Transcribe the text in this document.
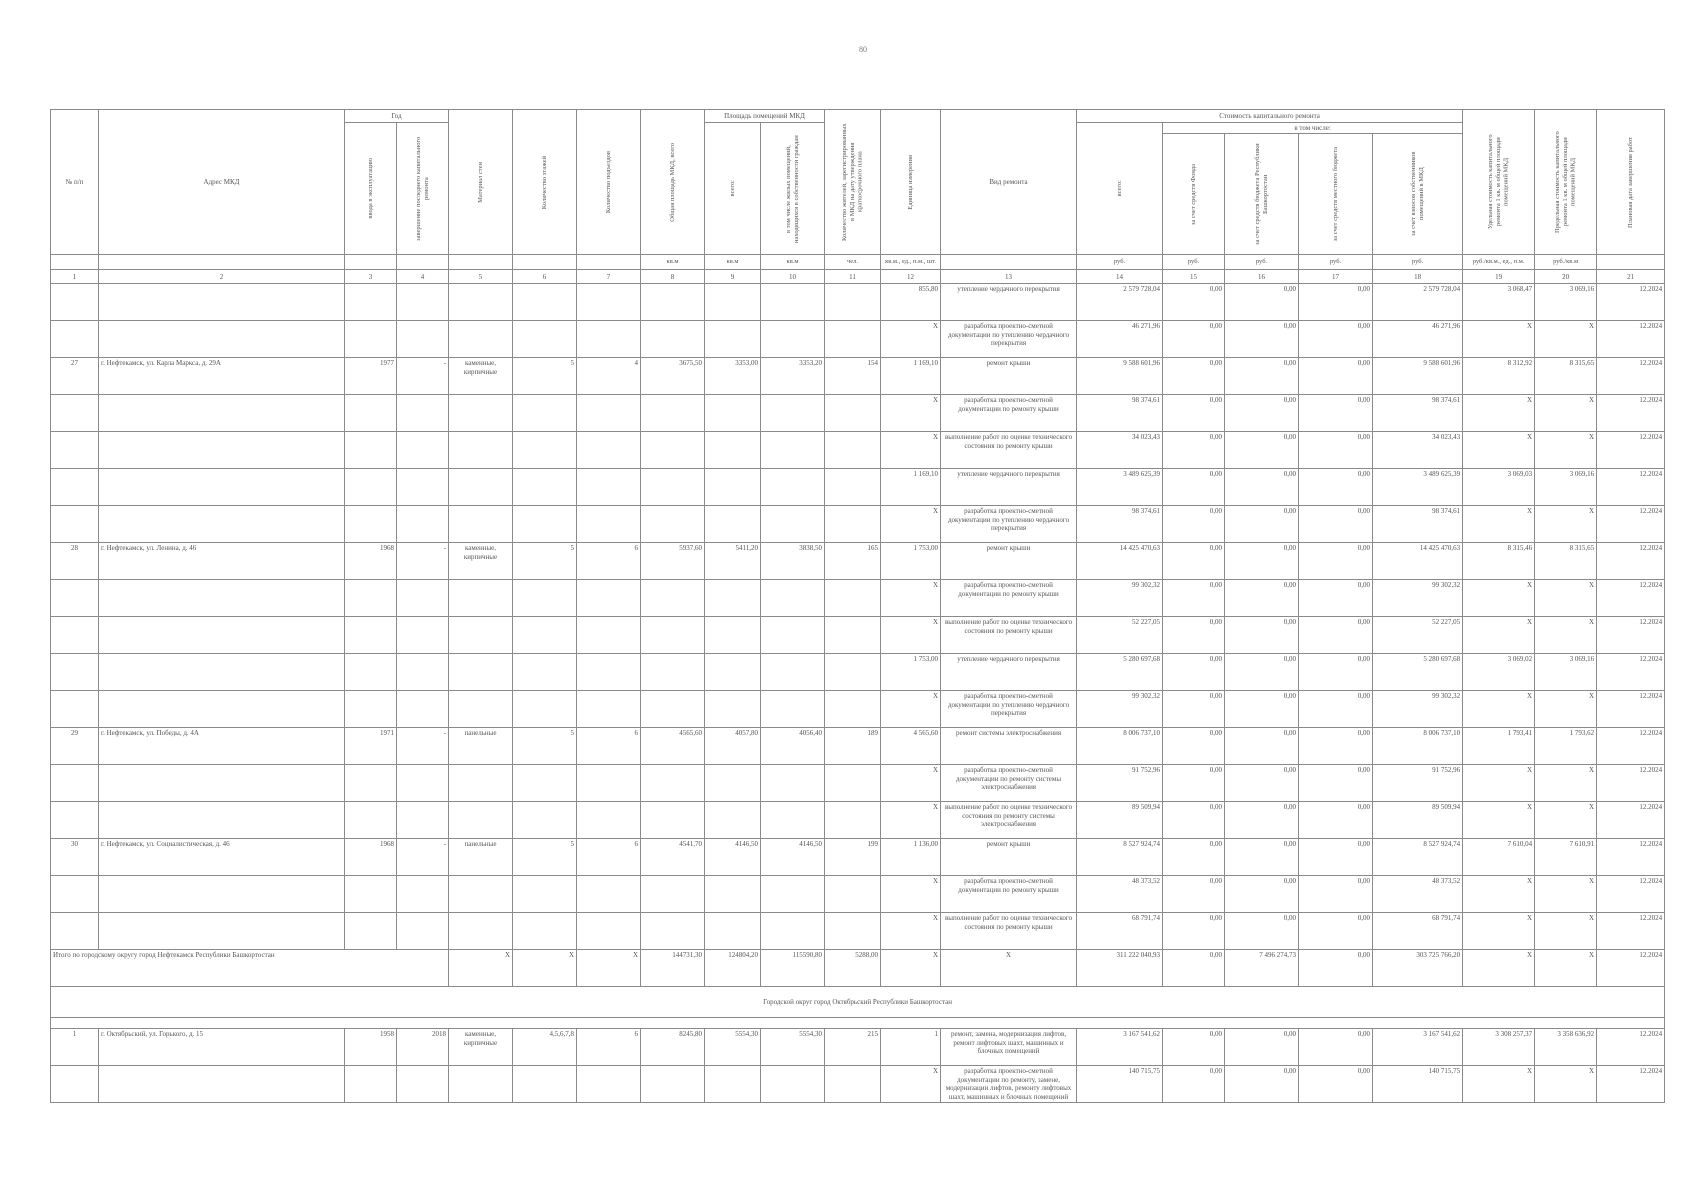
80
№ п/п	Адрес МКД	Год		Материал стен	Количество этажей	Количество подъездов	Общая площадь МКД, всего	Площадь помещений МКД		Количество жителей, зарегистрированных в МКД на дату утверждения краткосрочного плана	Единица измерения	Вид ремонта	Стоимость капитального ремонта					Удельная стоимость капитального ремонта 1 кв. м общей площади помещений МКД	Предельная стоимость капитального ремонта 1 кв. м общей площади помещений МКД	Плановая дата завершения работ

		ввода в эксплуатацию	завершение последнего капитального ремонта					всего:	в том числе жилых помещений, находящихся в собственности граждан				всего:	в том числе:						

														за счет средств Фонда	за счет средств бюджета Республики Башкортостан	за счет средств местного бюджета	за счет взносов собственников помещений в МКД			

							кв.м	кв.м	кв.м	чел.	кв.м., ед., п.м., шт.		руб.	руб.	руб.	руб.	руб.	руб./кв.м., ед., п.м.	руб./кв.м	
1	2	3	4	5	6	7	8	9	10	11	12	13	14	15	16	17	18	19	20	21
											855,80	утепление чердачного перекрытия	2 579 728,04	0,00	0,00	0,00	2 579 728,04	3 068,47	3 069,16	12.2024
											Х	разработка проектно-сметной документации по утеплению чердачного перекрытия	46 271,96	0,00	0,00	0,00	46 271,96	Х	Х	12.2024
27	г. Нефтекамск, ул. Карла Маркса, д. 29А	1977	-	каменные, кирпичные	5	4	3675,50	3353,00	3353,20	154	1 169,10	ремонт крыши	9 588 601,96	0,00	0,00	0,00	9 588 601,96	8 312,92	8 315,65	12.2024
											Х	разработка проектно-сметной документации по ремонту крыши	98 374,61	0,00	0,00	0,00	98 374,61	Х	Х	12.2024
											Х	выполнение работ по оценке технического состояния по ремонту крыши	34 023,43	0,00	0,00	0,00	34 023,43	Х	Х	12.2024
											1 169,10	утепление чердачного перекрытия	3 489 625,39	0,00	0,00	0,00	3 489 625,39	3 069,03	3 069,16	12.2024
											Х	разработка проектно-сметной документации по утеплению чердачного перекрытия	98 374,61	0,00	0,00	0,00	98 374,61	Х	Х	12.2024
28	г. Нефтекамск, ул. Ленина, д. 46	1968	-	каменные, кирпичные	5	6	5937,60	5411,20	3838,50	165	1 753,00	ремонт крыши	14 425 470,63	0,00	0,00	0,00	14 425 470,63	8 315,46	8 315,65	12.2024
											Х	разработка проектно-сметной документации по ремонту крыши	99 302,32	0,00	0,00	0,00	99 302,32	Х	Х	12.2024
											Х	выполнение работ по оценке технического состояния по ремонту крыши	52 227,05	0,00	0,00	0,00	52 227,05	Х	Х	12.2024
											1 753,00	утепление чердачного перекрытия	5 280 697,68	0,00	0,00	0,00	5 280 697,68	3 069,02	3 069,16	12.2024
											Х	разработка проектно-сметной документации по утеплению чердачного перекрытия	99 302,32	0,00	0,00	0,00	99 302,32	Х	Х	12.2024
29	г. Нефтекамск, ул. Победы, д. 4А	1971	-	панельные	5	6	4565,60	4057,80	4056,40	189	4 565,60	ремонт системы электроснабжения	8 006 737,10	0,00	0,00	0,00	8 006 737,10	1 793,41	1 793,62	12.2024
											Х	разработка проектно-сметной документации по ремонту системы электроснабжения	91 752,96	0,00	0,00	0,00	91 752,96	Х	Х	12.2024
											Х	выполнение работ по оценке технического состояния по ремонту системы электроснабжения	89 509,94	0,00	0,00	0,00	89 509,94	Х	Х	12.2024
30	г. Нефтекамск, ул. Социалистическая, д. 46	1968	-	панельные	5	6	4541,70	4146,50	4146,50	199	1 136,00	ремонт крыши	8 527 924,74	0,00	0,00	0,00	8 527 924,74	7 610,04	7 610,91	12.2024
											Х	разработка проектно-сметной документации по ремонту крыши	48 373,52	0,00	0,00	0,00	48 373,52	Х	Х	12.2024
											Х	выполнение работ по оценке технического состояния по ремонту крыши	68 791,74	0,00	0,00	0,00	68 791,74	Х	Х	12.2024
Итого по городскому округу город Нефтекамск Республики Башкортостан				Х	Х	Х	144731,30	124804,20	115590,80	5288,00	Х	Х	311 222 040,93	0,00	7 496 274,73	0,00	303 725 766,20	Х	Х	12.2024
Городской округ город Октябрьский Республики Башкортостан																				

1	г. Октябрьский, ул. Горького, д. 15	1958	2018	каменные, кирпичные	4,5,6,7,8	6	8245,80	5554,30	5554,30	215	1	ремонт, замена, модернизация лифтов, ремонт лифтовых шахт, машинных и блочных помещений	3 167 541,62	0,00	0,00	0,00	3 167 541,62	3 308 257,37	3 358 636,92	12.2024
											Х	разработка проектно-сметной документации по ремонту, замене, модернизации лифтов, ремонту лифтовых шахт, машинных и блочных помещений	140 715,75	0,00	0,00	0,00	140 715,75	Х	Х	12.2024
